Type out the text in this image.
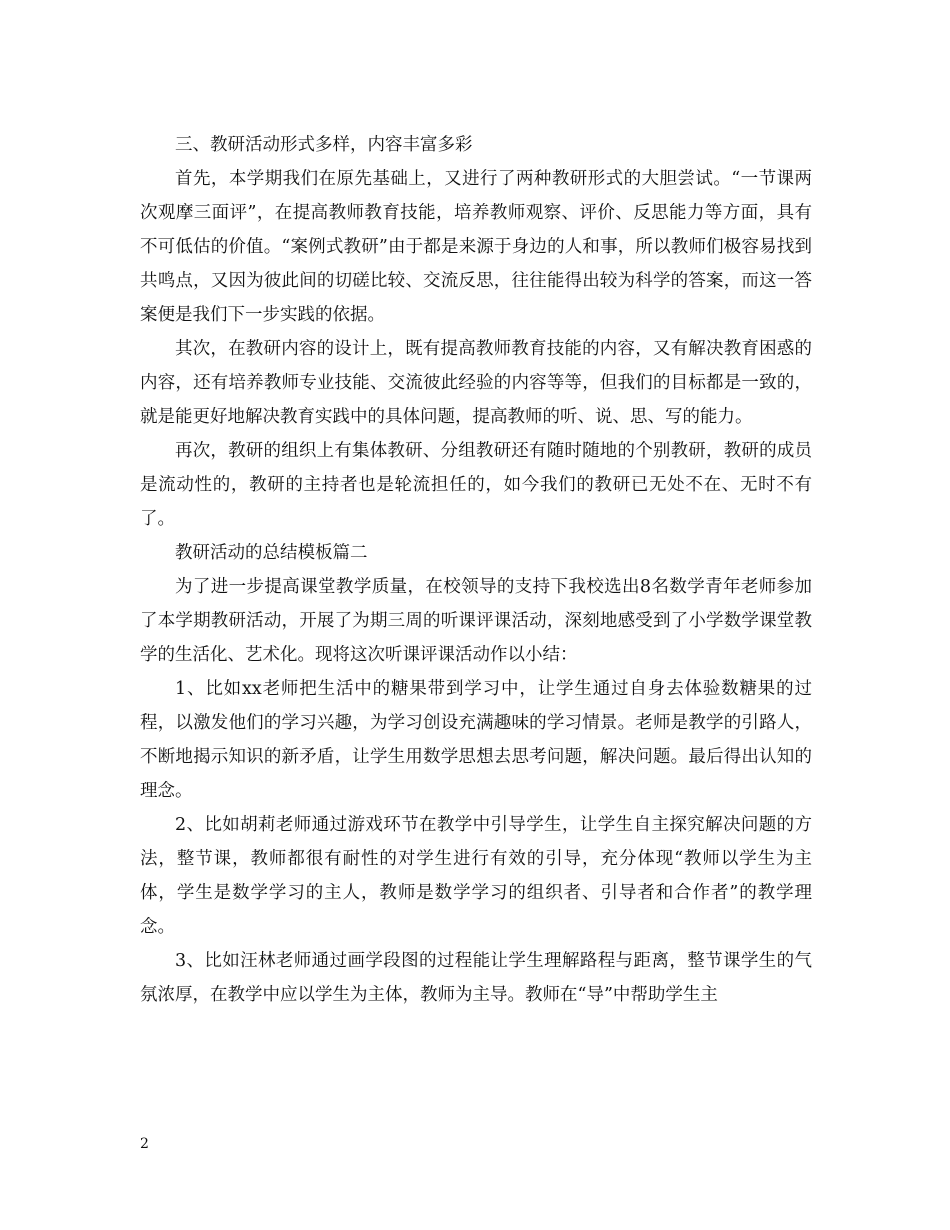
三、教研活动形式多样，内容丰富多彩

首先，本学期我们在原先基础上，又进行了两种教研形式的大胆尝试。“一节课两次观摩三面评”，在提高教师教育技能，培养教师观察、评价、反思能力等方面，具有不可低估的价值。“案例式教研”由于都是来源于身边的人和事，所以教师们极容易找到共鸣点，又因为彼此间的切磋比较、交流反思，往往能得出较为科学的答案，而这一答案便是我们下一步实践的依据。

其次，在教研内容的设计上，既有提高教师教育技能的内容，又有解决教育困惑的内容，还有培养教师专业技能、交流彼此经验的内容等等，但我们的目标都是一致的，就是能更好地解决教育实践中的具体问题，提高教师的听、说、思、写的能力。

再次，教研的组织上有集体教研、分组教研还有随时随地的个别教研，教研的成员是流动性的，教研的主持者也是轮流担任的，如今我们的教研已无处不在、无时不有了。

教研活动的总结模板篇二

为了进一步提高课堂教学质量，在校领导的支持下我校选出8名数学青年老师参加了本学期教研活动，开展了为期三周的听课评课活动，深刻地感受到了小学数学课堂教学的生活化、艺术化。现将这次听课评课活动作以小结：

1、比如xx老师把生活中的糖果带到学习中，让学生通过自身去体验数糖果的过程，以激发他们的学习兴趣，为学习创设充满趣味的学习情景。老师是教学的引路人，不断地揭示知识的新矛盾，让学生用数学思想去思考问题，解决问题。最后得出认知的理念。

2、比如胡莉老师通过游戏环节在教学中引导学生，让学生自主探究解决问题的方法，整节课，教师都很有耐性的对学生进行有效的引导，充分体现“教师以学生为主体，学生是数学学习的主人，教师是数学学习的组织者、引导者和合作者”的教学理念。

3、比如汪林老师通过画学段图的过程能让学生理解路程与距离，整节课学生的气氛浓厚，在教学中应以学生为主体，教师为主导。教师在“导”中帮助学生主

2
